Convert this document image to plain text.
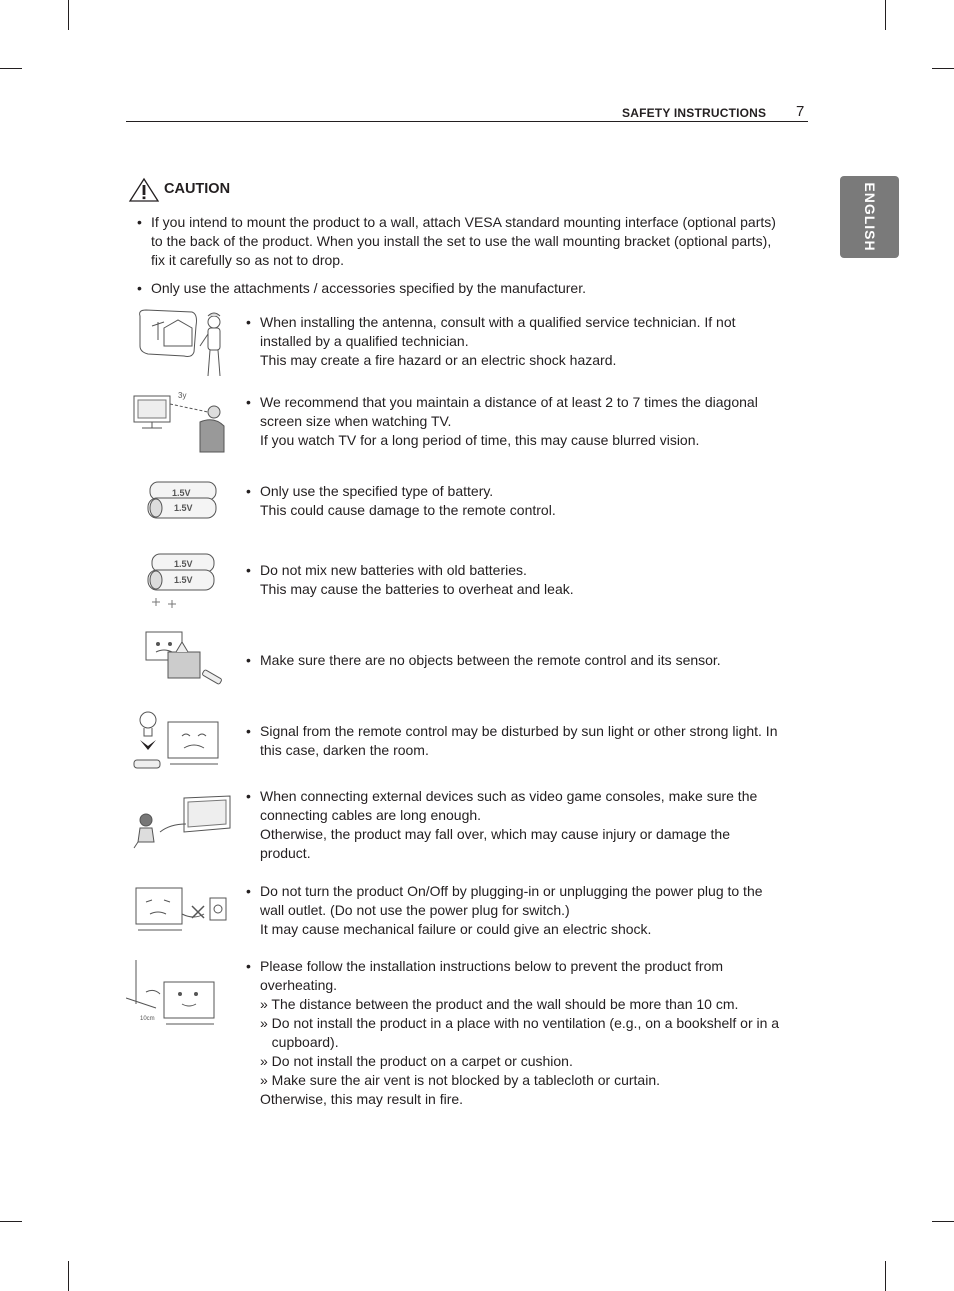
SAFETY INSTRUCTIONS 7
ENGLISH
CAUTION
• If you intend to mount the product to a wall, attach VESA standard mounting interface (optional parts)
to the back of the product. When you install the set to use the wall mounting bracket (optional parts),
fix it carefully so as not to drop.
• Only use the attachments / accessories specified by the manufacturer.
• When installing the antenna, consult with a qualified service technician. If not
installed by a qualified technician.
This may create a fire hazard or an electric shock hazard.
3y	• We recommend that you maintain a distance of at least 2 to 7 times the diagonal
screen size when watching TV.
If you watch TV for a long period of time, this may cause blurred vision.
1.5V
1.5V
• Only use the specified type of battery.
This could cause damage to the remote control.
1.5V
1.5V
• Do not mix new batteries with old batteries.
This may cause the batteries to overheat and leak.
• Make sure there are no objects between the remote control and its sensor.
• Signal from the remote control may be disturbed by sun light or other strong light. In
this case, darken the room.
• When connecting external devices such as video game consoles, make sure the
connecting cables are long enough.
Otherwise, the product may fall over, which may cause injury or damage the
product.
• Do not turn the product On/Off by plugging-in or unplugging the power plug to the
wall outlet. (Do not use the power plug for switch.)
It may cause mechanical failure or could give an electric shock.
10cm
• Please follow the installation instructions below to prevent the product from
overheating.
» The distance between the product and the wall should be more than 10 cm.
» Do not install the product in a place with no ventilation (e.g., on a bookshelf or in a
cupboard).
» Do not install the product on a carpet or cushion.
» Make sure the air vent is not blocked by a tablecloth or curtain.
Otherwise, this may result in fire.
